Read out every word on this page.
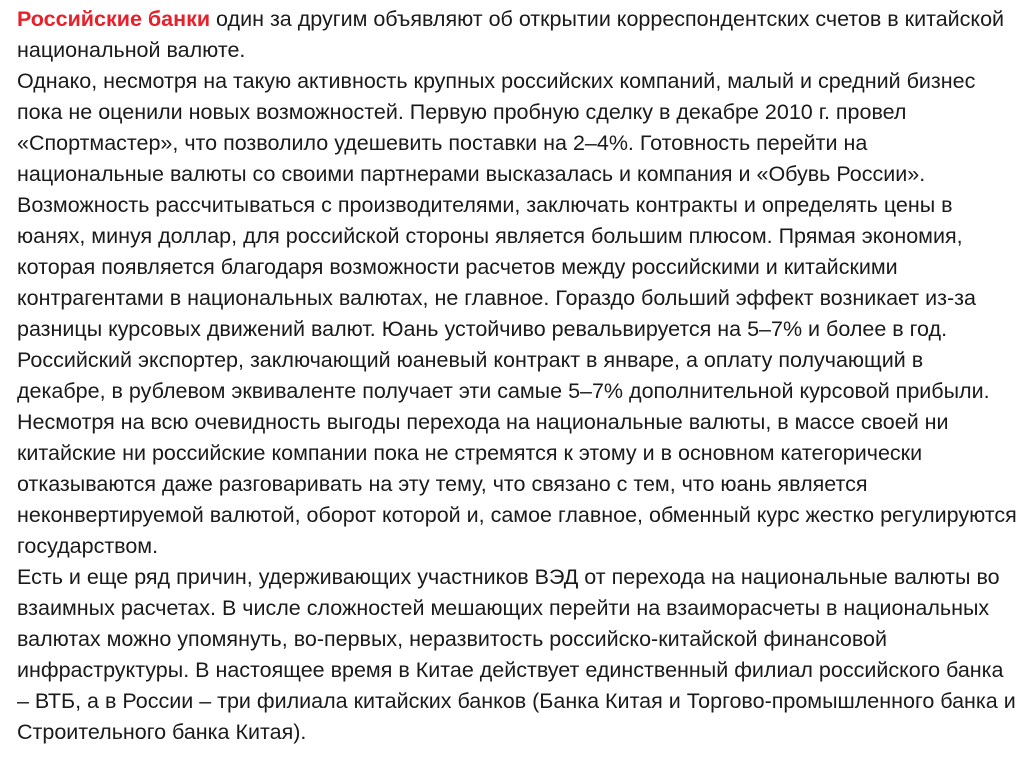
Российские банки один за другим объявляют об открытии корреспондентских счетов в китайской национальной валюте.

Однако, несмотря на такую активность крупных российских компаний, малый и средний бизнес пока не оценили новых возможностей. Первую пробную сделку в декабре 2010 г. провел «Спортмастер», что позволило удешевить поставки на 2–4%. Готовность перейти на национальные валюты со своими партнерами высказалась и компания и «Обувь России». Возможность рассчитываться с производителями, заключать контракты и определять цены в юанях, минуя доллар, для российской стороны является большим плюсом. Прямая экономия, которая появляется благодаря возможности расчетов между российскими и китайскими контрагентами в национальных валютах, не главное. Гораздо больший эффект возникает из-за разницы курсовых движений валют. Юань устойчиво ревальвируется на 5–7% и более в год. Российский экспортер, заключающий юаневый контракт в январе, а оплату получающий в декабре, в рублевом эквиваленте получает эти самые 5–7% дополнительной курсовой прибыли.

Несмотря на всю очевидность выгоды перехода на национальные валюты, в массе своей ни китайские ни российские компании пока не стремятся к этому и в основном категорически отказываются даже разговаривать на эту тему, что связано с тем, что юань является неконвертируемой валютой, оборот которой и, самое главное, обменный курс жестко регулируются государством.

Есть и еще ряд причин, удерживающих участников ВЭД от перехода на национальные валюты во взаимных расчетах. В числе сложностей мешающих перейти на взаиморасчеты в национальных валютах можно упомянуть, во-первых, неразвитость российско-китайской финансовой инфраструктуры. В настоящее время в Китае действует единственный филиал российского банка – ВТБ, а в России – три филиала китайских банков (Банка Китая и Торгово-промышленного банка и Строительного банка Китая).
